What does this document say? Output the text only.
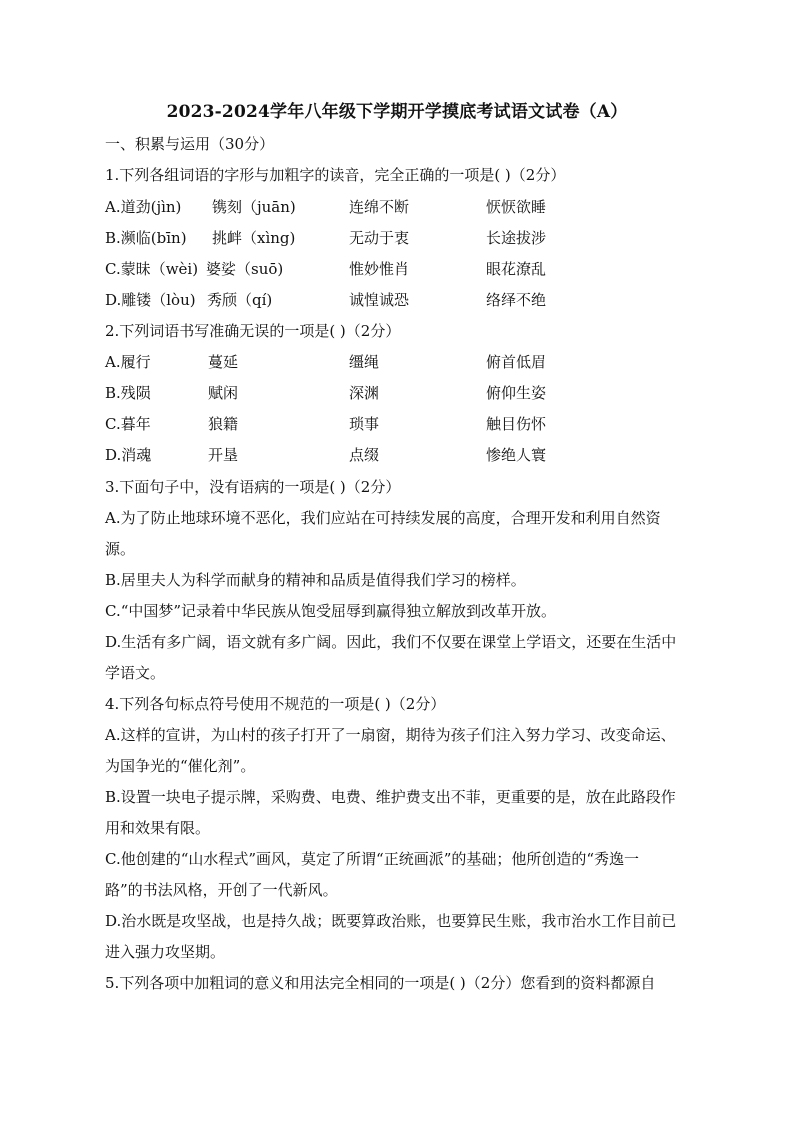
2023-2024学年八年级下学期开学摸底考试语文试卷（A）
一、积累与运用（30分）
1.下列各组词语的字形与加粗字的读音，完全正确的一项是( )（2分）
A.道劲(jìn) 镌刻（juān)	连绵不断	恹恹欲睡
B.濒临(bīn) 挑衅（xìng)	无动于衷	长途拔涉
C.蒙昧（wèi) 婆娑（suō)	惟妙惟肖	眼花潦乱
D.雕镂（lòu) 秀颀（qí)	诚惶诚恐	络绎不绝
2.下列词语书写准确无误的一项是( )（2分）
A.履行	蔓延	缰绳	俯首低眉
B.残陨	赋闲	深渊	俯仰生姿
C.暮年	狼籍	琐事	触目伤怀
D.消魂	开垦	点缀	惨绝人寰
3.下面句子中，没有语病的一项是( )（2分）
A.为了防止地球环境不恶化，我们应站在可持续发展的高度，合理开发和利用自然资
源。
B.居里夫人为科学而献身的精神和品质是值得我们学习的榜样。
C.“中国梦”记录着中华民族从饱受屈辱到赢得独立解放到改革开放。
D.生活有多广阔，语文就有多广阔。因此，我们不仅要在课堂上学语文，还要在生活中
学语文。
4.下列各句标点符号使用不规范的一项是( )（2分）
A.这样的宣讲，为山村的孩子打开了一扇窗，期待为孩子们注入努力学习、改变命运、
为国争光的“催化剂”。
B.设置一块电子提示牌，采购费、电费、维护费支出不菲，更重要的是，放在此路段作
用和效果有限。
C.他创建的“山水程式”画风，莫定了所谓“正统画派”的基础；他所创造的“秀逸一
路”的书法风格，开创了一代新风。
D.治水既是攻坚战，也是持久战；既要算政治账，也要算民生账，我市治水工作目前已
进入强力攻坚期。
5.下列各项中加粗词的意义和用法完全相同的一项是( )（2分）您看到的资料都源自
